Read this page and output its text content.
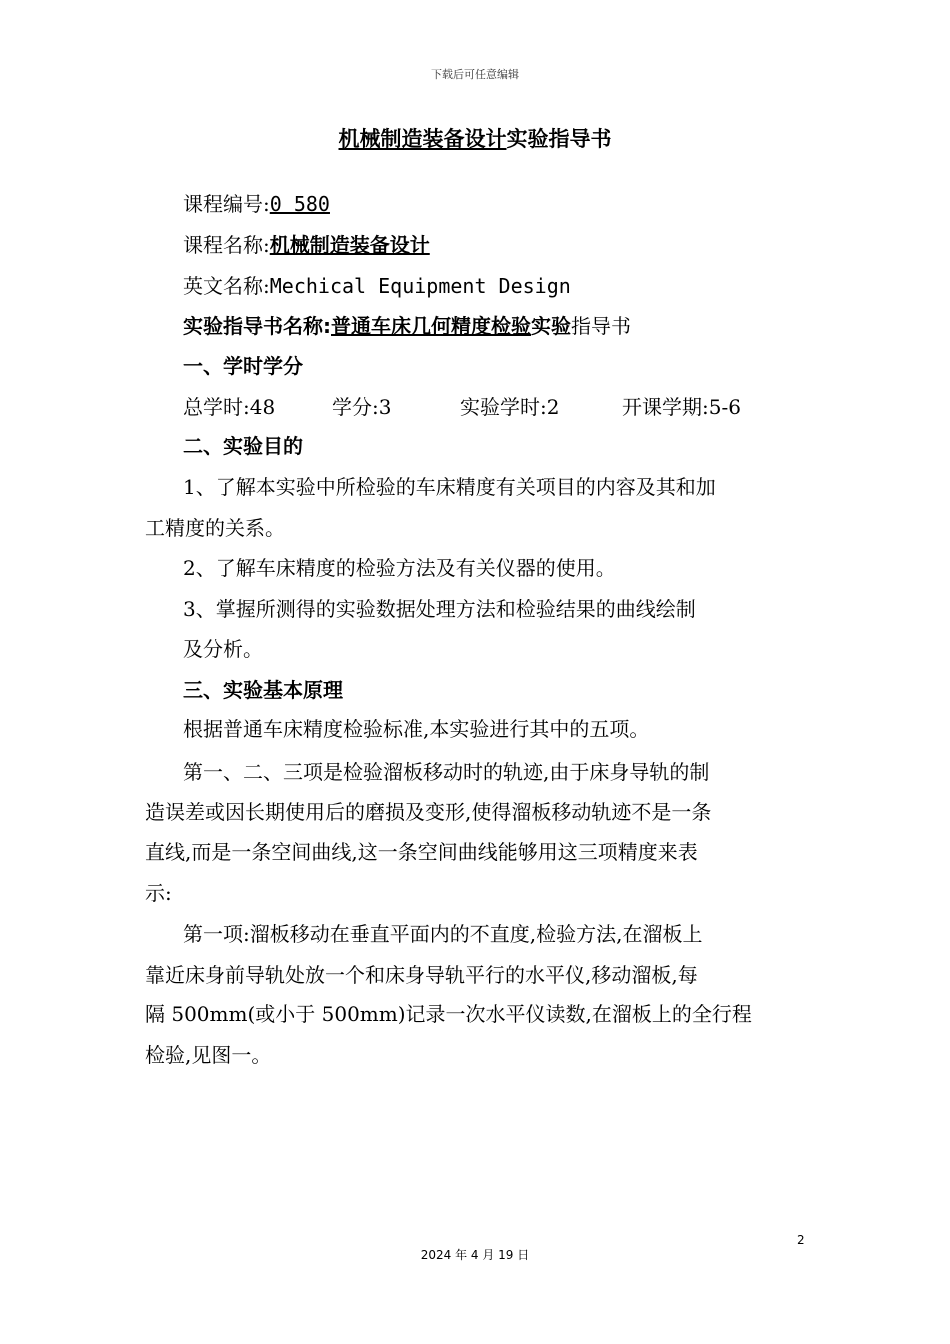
下载后可任意编辑
机械制造装备设计实验指导书
课程编号:0 580
课程名称:机械制造装备设计
英文名称:Mechical Equipment Design
实验指导书名称:普通车床几何精度检验实验指导书
一、学时学分
总学时:48	学分:3	实验学时:2	开课学期:5-6
二、实验目的
1、了解本实验中所检验的车床精度有关项目的内容及其和加
工精度的关系。
2、了解车床精度的检验方法及有关仪器的使用。
3、掌握所测得的实验数据处理方法和检验结果的曲线绘制
及分析。
三、实验基本原理
根据普通车床精度检验标准,本实验进行其中的五项。
第一、二、三项是检验溜板移动时的轨迹,由于床身导轨的制
造误差或因长期使用后的磨损及变形,使得溜板移动轨迹不是一条
直线,而是一条空间曲线,这一条空间曲线能够用这三项精度来表
示:
第一项:溜板移动在垂直平面内的不直度,检验方法,在溜板上
靠近床身前导轨处放一个和床身导轨平行的水平仪,移动溜板,每
隔 500mm(或小于 500mm)记录一次水平仪读数,在溜板上的全行程
检验,见图一。
2
2024 年 4 月 19 日
